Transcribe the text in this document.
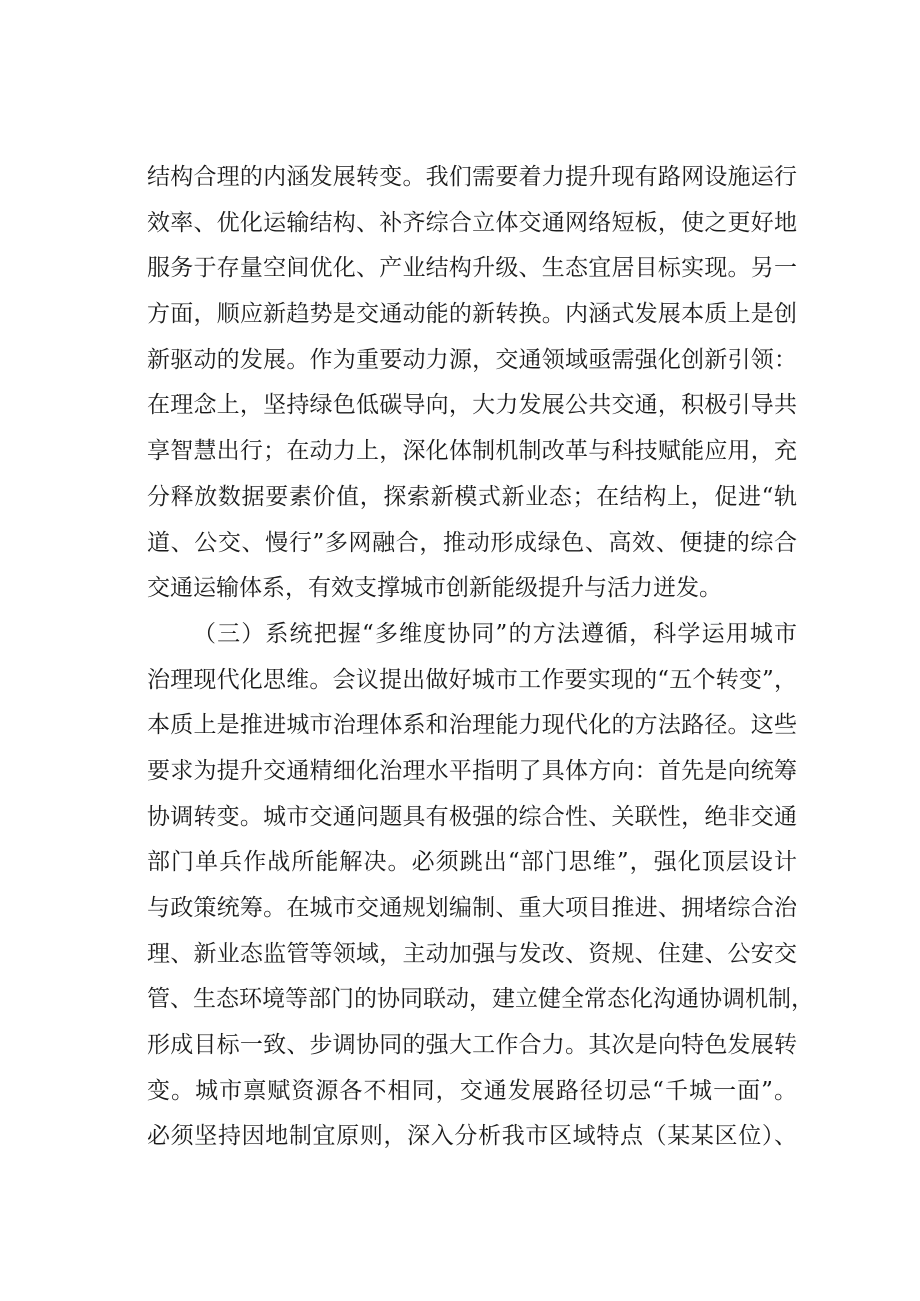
结构合理的内涵发展转变。我们需要着力提升现有路网设施运行
效率、优化运输结构、补齐综合立体交通网络短板，使之更好地
服务于存量空间优化、产业结构升级、生态宜居目标实现。另一
方面，顺应新趋势是交通动能的新转换。内涵式发展本质上是创
新驱动的发展。作为重要动力源，交通领域亟需强化创新引领：
在理念上，坚持绿色低碳导向，大力发展公共交通，积极引导共
享智慧出行；在动力上，深化体制机制改革与科技赋能应用，充
分释放数据要素价值，探索新模式新业态；在结构上，促进“轨
道、公交、慢行”多网融合，推动形成绿色、高效、便捷的综合
交通运输体系，有效支撑城市创新能级提升与活力迸发。

（三）系统把握“多维度协同”的方法遵循，科学运用城市
治理现代化思维。会议提出做好城市工作要实现的“五个转变”，
本质上是推进城市治理体系和治理能力现代化的方法路径。这些
要求为提升交通精细化治理水平指明了具体方向：首先是向统筹
协调转变。城市交通问题具有极强的综合性、关联性，绝非交通
部门单兵作战所能解决。必须跳出“部门思维”，强化顶层设计
与政策统筹。在城市交通规划编制、重大项目推进、拥堵综合治
理、新业态监管等领域，主动加强与发改、资规、住建、公安交
管、生态环境等部门的协同联动，建立健全常态化沟通协调机制，
形成目标一致、步调协同的强大工作合力。其次是向特色发展转
变。城市禀赋资源各不相同，交通发展路径切忌“千城一面”。
必须坚持因地制宜原则，深入分析我市区域特点（某某区位）、
